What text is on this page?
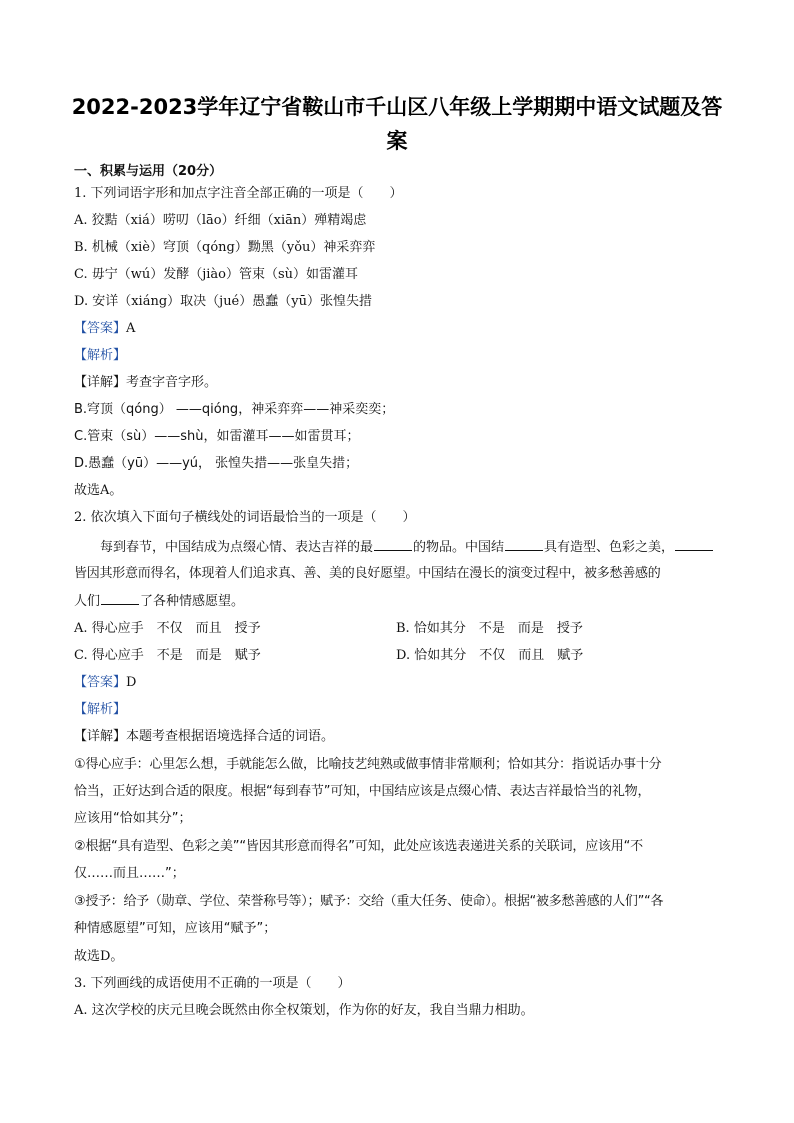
2022-2023学年辽宁省鞍山市千山区八年级上学期期中语文试题及答
案
一、积累与运用（20分）
1. 下列词语字形和加点字注音全部正确的一项是（　　）
A. 狡黠（xiá）唠叨（lāo）纤细（xiān）殚精竭虑
B. 机械（xiè）穹顶（qóng）黝黑（yǒu）神采弈弈
C. 毋宁（wú）发酵（jiào）管束（sù）如雷灌耳
D. 安详（xiáng）取决（jué）愚蠢（yū）张惶失措
【答案】A
【解析】
【详解】考查字音字形。
B.穹顶（qóng） ——qióng，神采弈弈——神采奕奕；
C.管束（sù）——shù，如雷灌耳——如雷贯耳；
D.愚蠢（yū）——yú， 张惶失措——张皇失措；
故选A。
2. 依次填入下面句子横线处的词语最恰当的一项是（　　）
每到春节，中国结成为点缀心情、表达吉祥的最	的物品。中国结	具有造型、色彩之美，
皆因其形意而得名，体现着人们追求真、善、美的良好愿望。中国结在漫长的演变过程中，被多愁善感的
人们	了各种情感愿望。
A. 得心应手　不仅　而且　授予	B. 恰如其分　不是　而是　授予
C. 得心应手　不是　而是　赋予	D. 恰如其分　不仅　而且　赋予
【答案】D
【解析】
【详解】本题考查根据语境选择合适的词语。
①得心应手：心里怎么想，手就能怎么做，比喻技艺纯熟或做事情非常顺利；恰如其分：指说话办事十分
恰当，正好达到合适的限度。根据“每到春节”可知，中国结应该是点缀心情、表达吉祥最恰当的礼物，
应该用“恰如其分”；
②根据“具有造型、色彩之美”“皆因其形意而得名”可知，此处应该选表递进关系的关联词，应该用“不
仅……而且……”；
③授予：给予（勋章、学位、荣誉称号等）；赋予：交给（重大任务、使命）。根据“被多愁善感的人们”“各
种情感愿望”可知，应该用“赋予”；
故选D。
3. 下列画线的成语使用不正确的一项是（　　）
A. 这次学校的庆元旦晚会既然由你全权策划，作为你的好友，我自当鼎力相助。
